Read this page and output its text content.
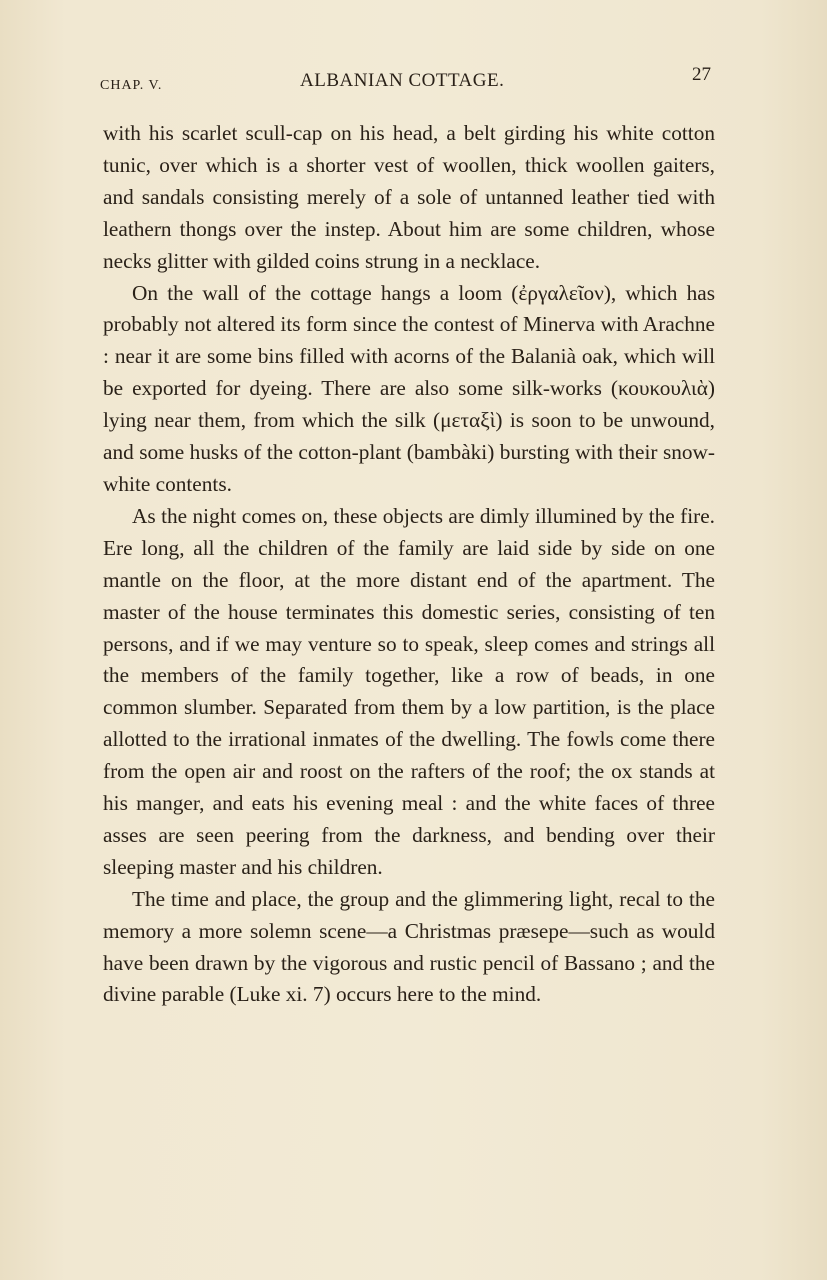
CHAP. V.	ALBANIAN COTTAGE.	27

with his scarlet scull-cap on his head, a belt girding his white cotton tunic, over which is a shorter vest of woollen, thick woollen gaiters, and sandals consisting merely of a sole of untanned leather tied with leathern thongs over the instep. About him are some children, whose necks glitter with gilded coins strung in a necklace.

On the wall of the cottage hangs a loom (ἐργαλεῖον), which has probably not altered its form since the contest of Minerva with Arachne : near it are some bins filled with acorns of the Balanià oak, which will be exported for dyeing. There are also some silk-works (κουκουλιὰ) lying near them, from which the silk (μεταξὶ) is soon to be unwound, and some husks of the cotton-plant (bambàki) bursting with their snow-white contents.

As the night comes on, these objects are dimly illumined by the fire. Ere long, all the children of the family are laid side by side on one mantle on the floor, at the more distant end of the apartment. The master of the house terminates this domestic series, consisting of ten persons, and if we may venture so to speak, sleep comes and strings all the members of the family together, like a row of beads, in one common slumber. Separated from them by a low partition, is the place allotted to the irrational inmates of the dwelling. The fowls come there from the open air and roost on the rafters of the roof; the ox stands at his manger, and eats his evening meal : and the white faces of three asses are seen peering from the darkness, and bending over their sleeping master and his children.

The time and place, the group and the glimmering light, recal to the memory a more solemn scene—a Christmas præsepe—such as would have been drawn by the vigorous and rustic pencil of Bassano ; and the divine parable (Luke xi. 7) occurs here to the mind.
